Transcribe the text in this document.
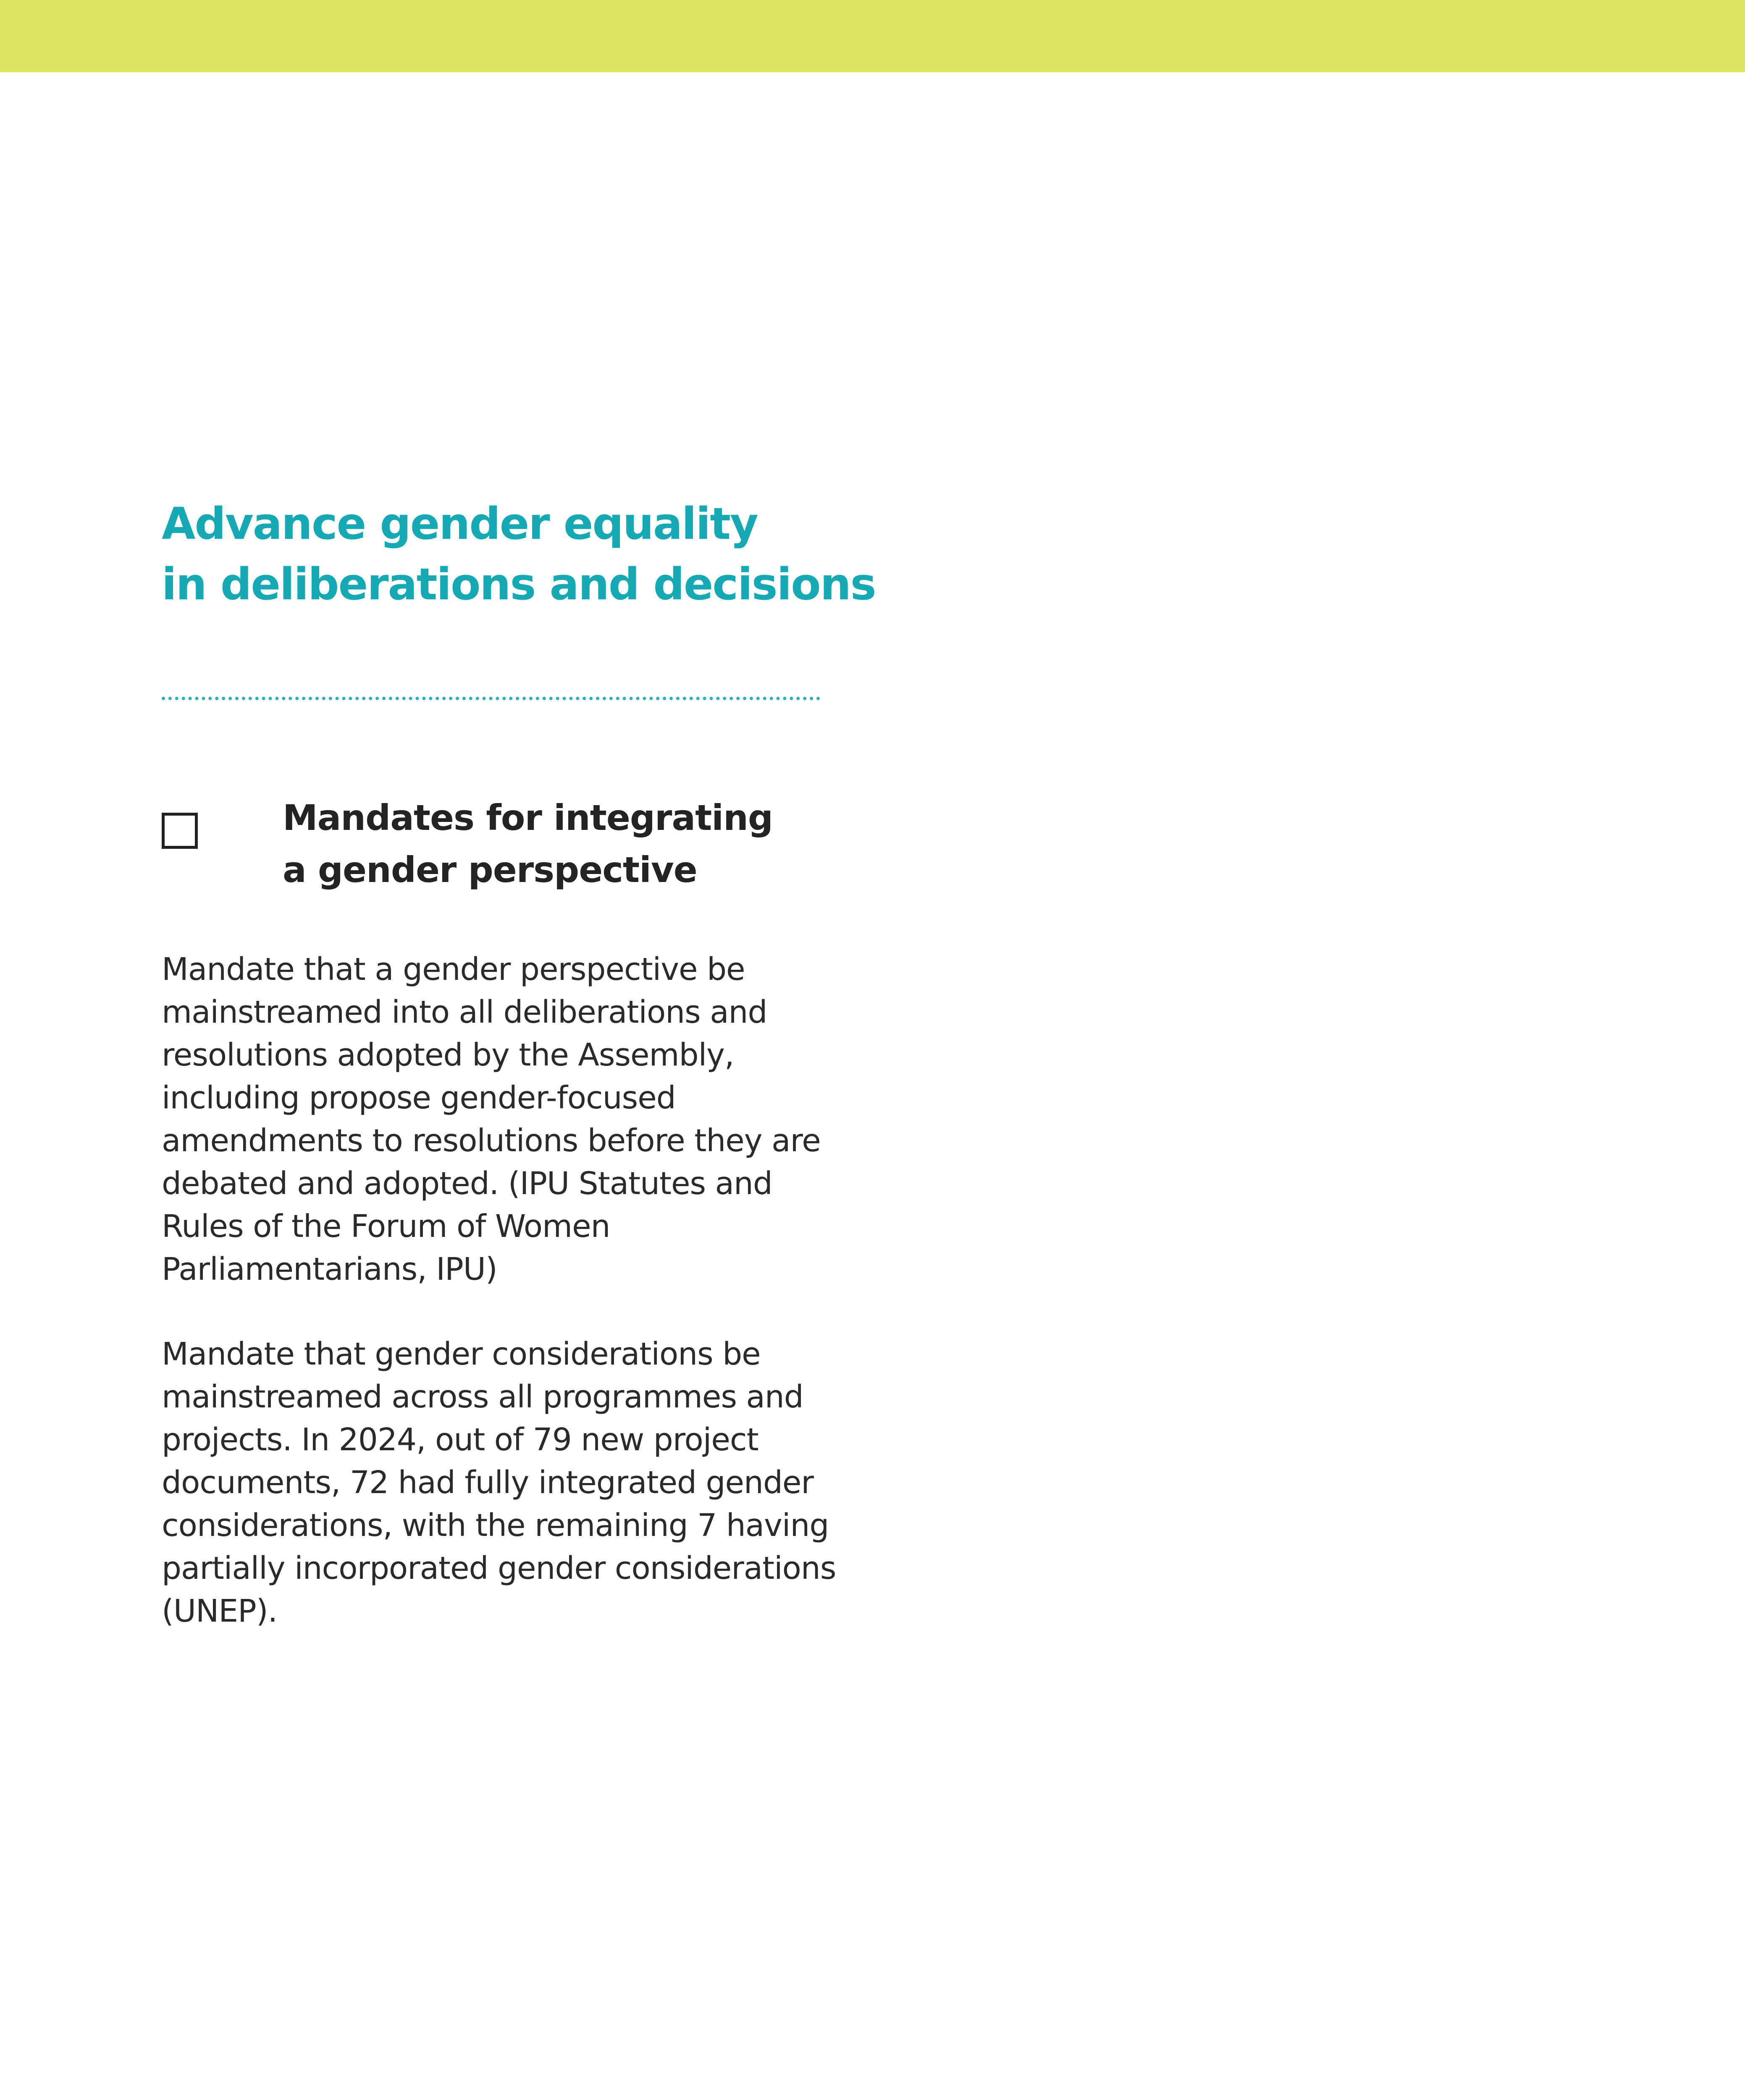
Advance gender equality
in deliberations and decisions
Mandates for integrating
a gender perspective

Mandate that a gender perspective be
mainstreamed into all deliberations and
resolutions adopted by the Assembly,
including propose gender-focused
amendments to resolutions before they are
debated and adopted. (IPU Statutes and
Rules of the Forum of Women
Parliamentarians, IPU)

Mandate that gender considerations be
mainstreamed across all programmes and
projects. In 2024, out of 79 new project
documents, 72 had fully integrated gender
considerations, with the remaining 7 having
partially incorporated gender considerations
(UNEP).
